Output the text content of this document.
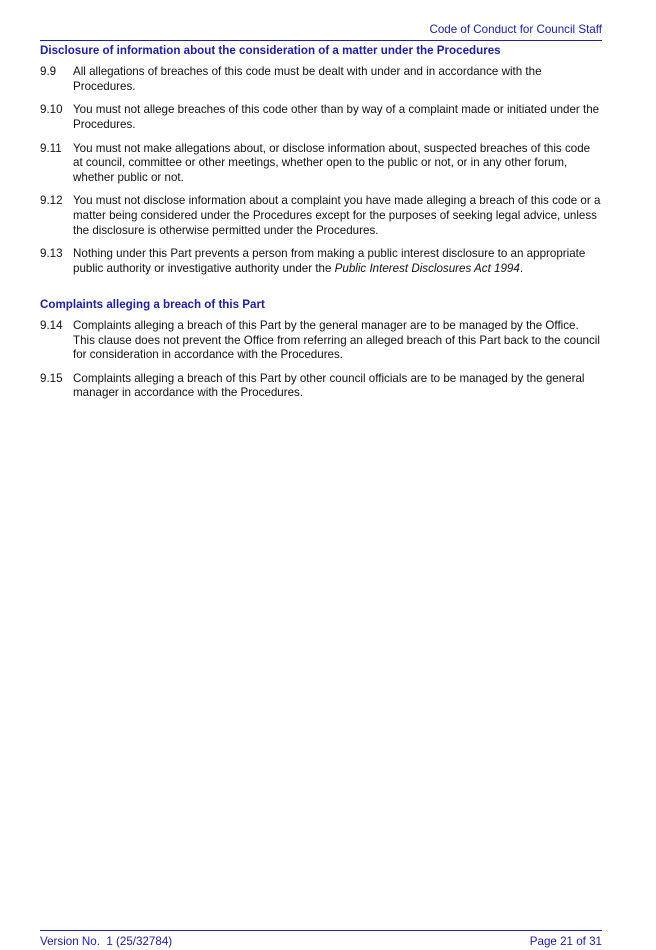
Code of Conduct for Council Staff
Disclosure of information about the consideration of a matter under the Procedures
9.9	All allegations of breaches of this code must be dealt with under and in accordance with the Procedures.
9.10 You must not allege breaches of this code other than by way of a complaint made or initiated under the Procedures.
9.11 You must not make allegations about, or disclose information about, suspected breaches of this code at council, committee or other meetings, whether open to the public or not, or in any other forum, whether public or not.
9.12 You must not disclose information about a complaint you have made alleging a breach of this code or a matter being considered under the Procedures except for the purposes of seeking legal advice, unless the disclosure is otherwise permitted under the Procedures.
9.13 Nothing under this Part prevents a person from making a public interest disclosure to an appropriate public authority or investigative authority under the Public Interest Disclosures Act 1994.
Complaints alleging a breach of this Part
9.14 Complaints alleging a breach of this Part by the general manager are to be managed by the Office. This clause does not prevent the Office from referring an alleged breach of this Part back to the council for consideration in accordance with the Procedures.
9.15 Complaints alleging a breach of this Part by other council officials are to be managed by the general manager in accordance with the Procedures.
Version No.  1 (25/32784)	Page 21 of 31
